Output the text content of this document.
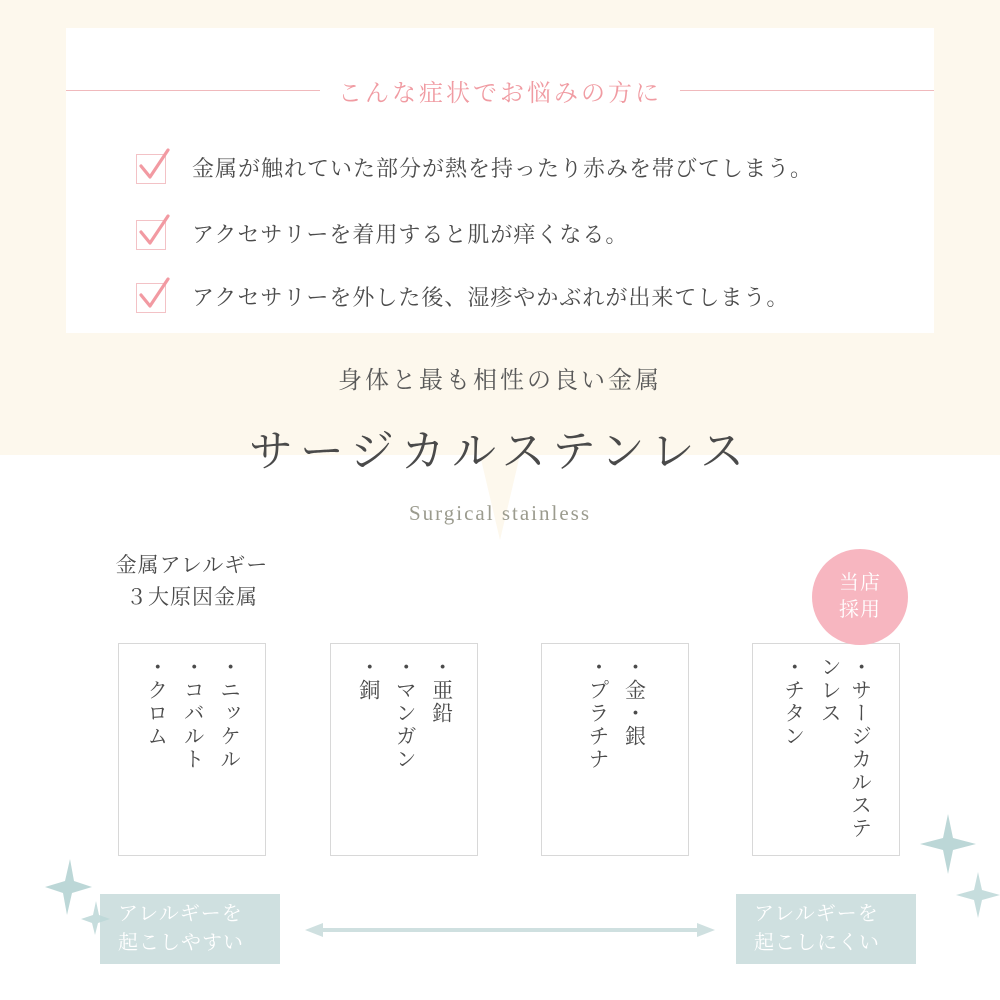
こんな症状でお悩みの方に
金属が触れていた部分が熱を持ったり赤みを帯びてしまう。
アクセサリーを着用すると肌が痒くなる。
アクセサリーを外した後、湿疹やかぶれが出来てしまう。
身体と最も相性の良い金属
サージカルステンレス
Surgical stainless
金属アレルギー
３大原因金属
・ニッケル
・コバルト
・クロム	・亜鉛
・マンガン
・銅	・金・銀
・プラチナ	・サージカルステンレス
・チタン
当店
採用
アレルギーを
起こしやすい
アレルギーを
起こしにくい
